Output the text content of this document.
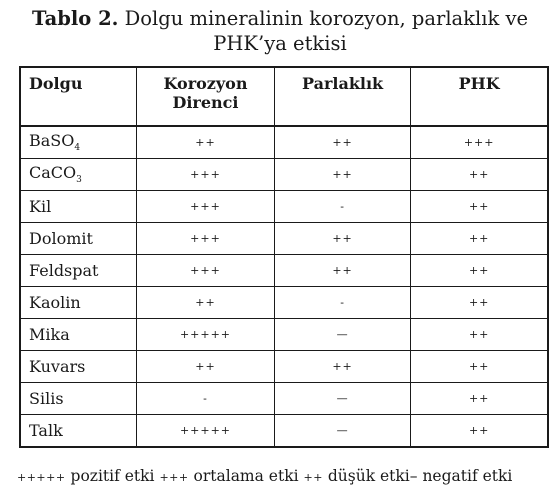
Tablo 2. Dolgu mineralinin korozyon, parlaklık ve
PHK’ya etkisi
Dolgu	Korozyon Direnci	Parlaklık	PHK
BaSO$_4$	++	++	+++
CaCO$_3$	+++	++	++
Kil	+++	-	++
Dolomit	+++	++	++
Feldspat	+++	++	++
Kaolin	++	-	++
Mika	+++++	—	++
Kuvars	++	++	++
Silis	-	—	++
Talk	+++++	—	++
+++++ pozitif etki +++ ortalama etki ++ düşük etki– negatif etki
